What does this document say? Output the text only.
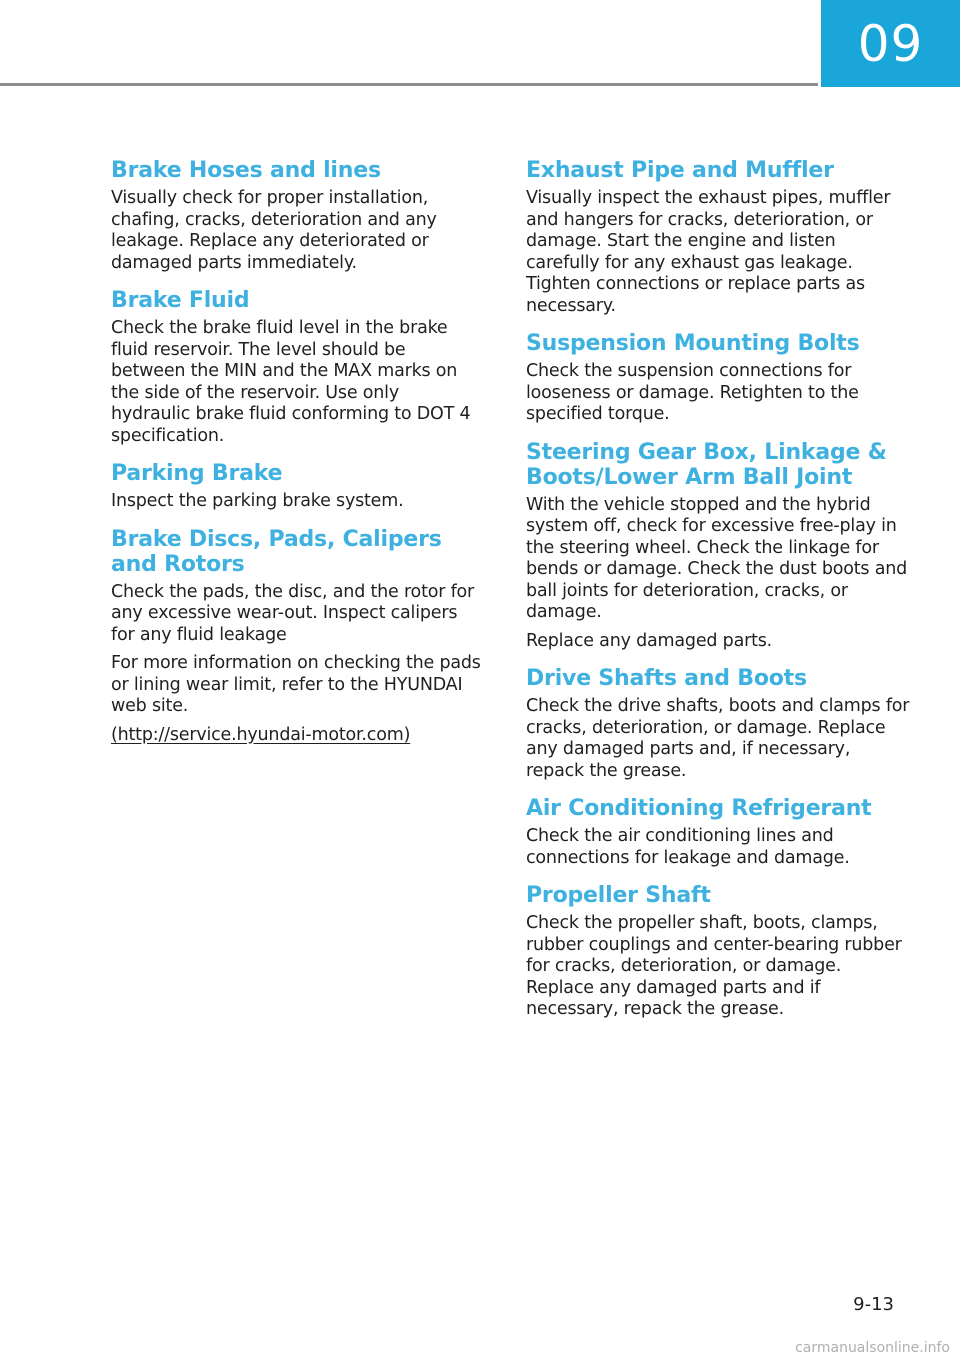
09
Brake Hoses and lines

Visually check for proper installation, chafing, cracks, deterioration and any leakage. Replace any deteriorated or damaged parts immediately.

Brake Fluid

Check the brake fluid level in the brake fluid reservoir. The level should be between the MIN and the MAX marks on the side of the reservoir. Use only hydraulic brake fluid conforming to DOT 4 specification.

Parking Brake

Inspect the parking brake system.

Brake Discs, Pads, Calipers and Rotors

Check the pads, the disc, and the rotor for any excessive wear-out. Inspect calipers for any fluid leakage

For more information on checking the pads or lining wear limit, refer to the HYUNDAI web site.

(http://service.hyundai-motor.com)

Exhaust Pipe and Muffler

Visually inspect the exhaust pipes, muffler and hangers for cracks, deterioration, or damage. Start the engine and listen carefully for any exhaust gas leakage. Tighten connections or replace parts as necessary.

Suspension Mounting Bolts

Check the suspension connections for looseness or damage. Retighten to the specified torque.

Steering Gear Box, Linkage & Boots/Lower Arm Ball Joint

With the vehicle stopped and the hybrid system off, check for excessive free-play in the steering wheel. Check the linkage for bends or damage. Check the dust boots and ball joints for deterioration, cracks, or damage.

Replace any damaged parts.

Drive Shafts and Boots

Check the drive shafts, boots and clamps for cracks, deterioration, or damage. Replace any damaged parts and, if necessary, repack the grease.

Air Conditioning Refrigerant

Check the air conditioning lines and connections for leakage and damage.

Propeller Shaft

Check the propeller shaft, boots, clamps, rubber couplings and center-bearing rubber for cracks, deterioration, or damage. Replace any damaged parts and if necessary, repack the grease.

9-13
carmanualsonline.info
